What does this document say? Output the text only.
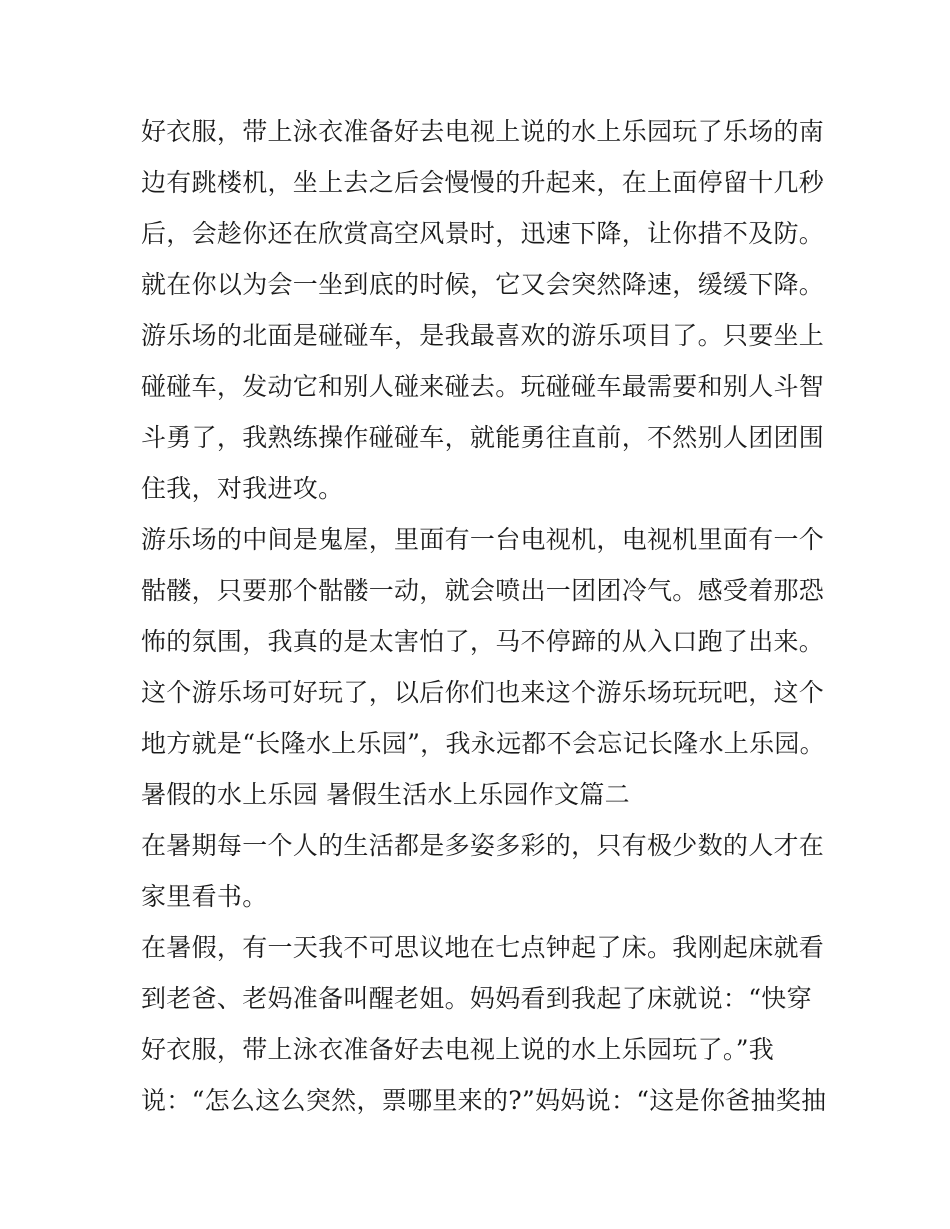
好衣服，带上泳衣准备好去电视上说的水上乐园玩了乐场的南
边有跳楼机，坐上去之后会慢慢的升起来，在上面停留十几秒
后，会趁你还在欣赏高空风景时，迅速下降，让你措不及防。
就在你以为会一坐到底的时候，它又会突然降速，缓缓下降。
游乐场的北面是碰碰车，是我最喜欢的游乐项目了。只要坐上
碰碰车，发动它和别人碰来碰去。玩碰碰车最需要和别人斗智
斗勇了，我熟练操作碰碰车，就能勇往直前，不然别人团团围
住我，对我进攻。
游乐场的中间是鬼屋，里面有一台电视机，电视机里面有一个
骷髅，只要那个骷髅一动，就会喷出一团团冷气。感受着那恐
怖的氛围，我真的是太害怕了，马不停蹄的从入口跑了出来。
这个游乐场可好玩了，以后你们也来这个游乐场玩玩吧，这个
地方就是“长隆水上乐园”，我永远都不会忘记长隆水上乐园。
暑假的水上乐园 暑假生活水上乐园作文篇二
在暑期每一个人的生活都是多姿多彩的，只有极少数的人才在
家里看书。
在暑假，有一天我不可思议地在七点钟起了床。我刚起床就看
到老爸、老妈准备叫醒老姐。妈妈看到我起了床就说：“快穿
好衣服，带上泳衣准备好去电视上说的水上乐园玩了。”我
说：“怎么这么突然，票哪里来的?”妈妈说：“这是你爸抽奖抽
